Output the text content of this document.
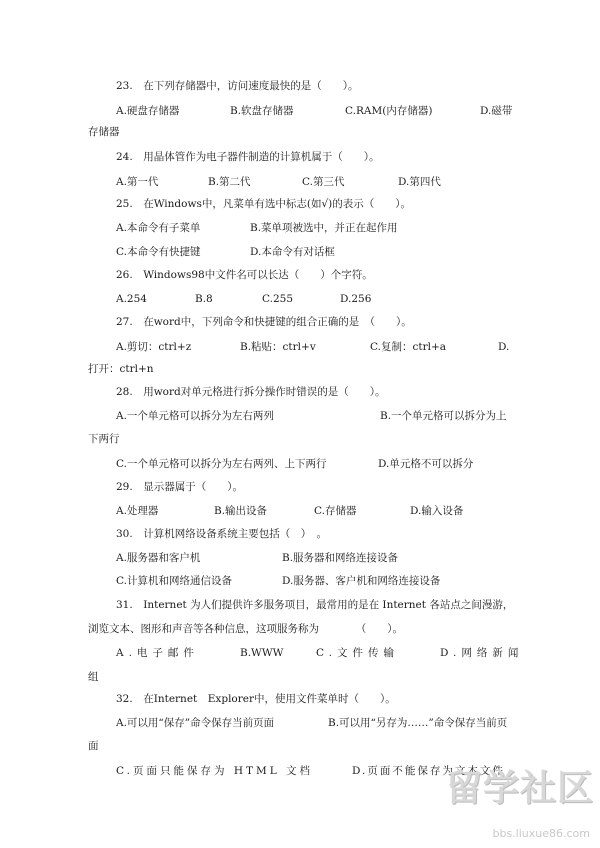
23.　在下列存储器中，访问速度最快的是（　　）。
A.硬盘存储器	B.软盘存储器	C.RAM(内存储器)	D.磁带
存储器
24.　用晶体管作为电子器件制造的计算机属于（　　）。
A.第一代	B.第二代	C.第三代	D.第四代
25.　在Windows中，凡菜单有选中标志(如√)的表示（　　）。
A.本命令有子菜单	B.菜单项被选中，并正在起作用
C.本命令有快捷键	D.本命令有对话框
26.　Windows98中文件名可以长达（　　）个字符。
A.254	B.8	C.255	D.256
27.　在word中，下列命令和快捷键的组合正确的是　（　　）。
A.剪切：ctrl+z	B.粘贴：ctrl+v	C.复制：ctrl+a	D.
打开：ctrl+n
28.　用word对单元格进行拆分操作时错误的是（　　）。
A.一个单元格可以拆分为左右两列	B.一个单元格可以拆分为上
下两行
C.一个单元格可以拆分为左右两列、上下两行	D.单元格不可以拆分
29.　显示器属于（　　）。
A.处理器	B.输出设备	C.存储器	D.输入设备
30.　计算机网络设备系统主要包括（　）　。
A.服务器和客户机	B.服务器和网络连接设备
C.计算机和网络通信设备	D.服务器、客户机和网络连接设备
31.　Internet 为人们提供许多服务项目，最常用的是在 Internet 各站点之间漫游，
浏览文本、图形和声音等各种信息，这项服务称为　　　　（　　）。
A.电子邮件	B.WWW	C.文件传输	D.网络新闻
组
32.　在Internet　Explorer中，使用文件菜单时（　　）。
A.可以用“保存”命令保存当前页面	B.可以用“另存为……”命令保存当前页
面
C.页面只能保存为 HTML 文档	D.页面不能保存为文本文件
留学社区
bbs.liuxue86.com
